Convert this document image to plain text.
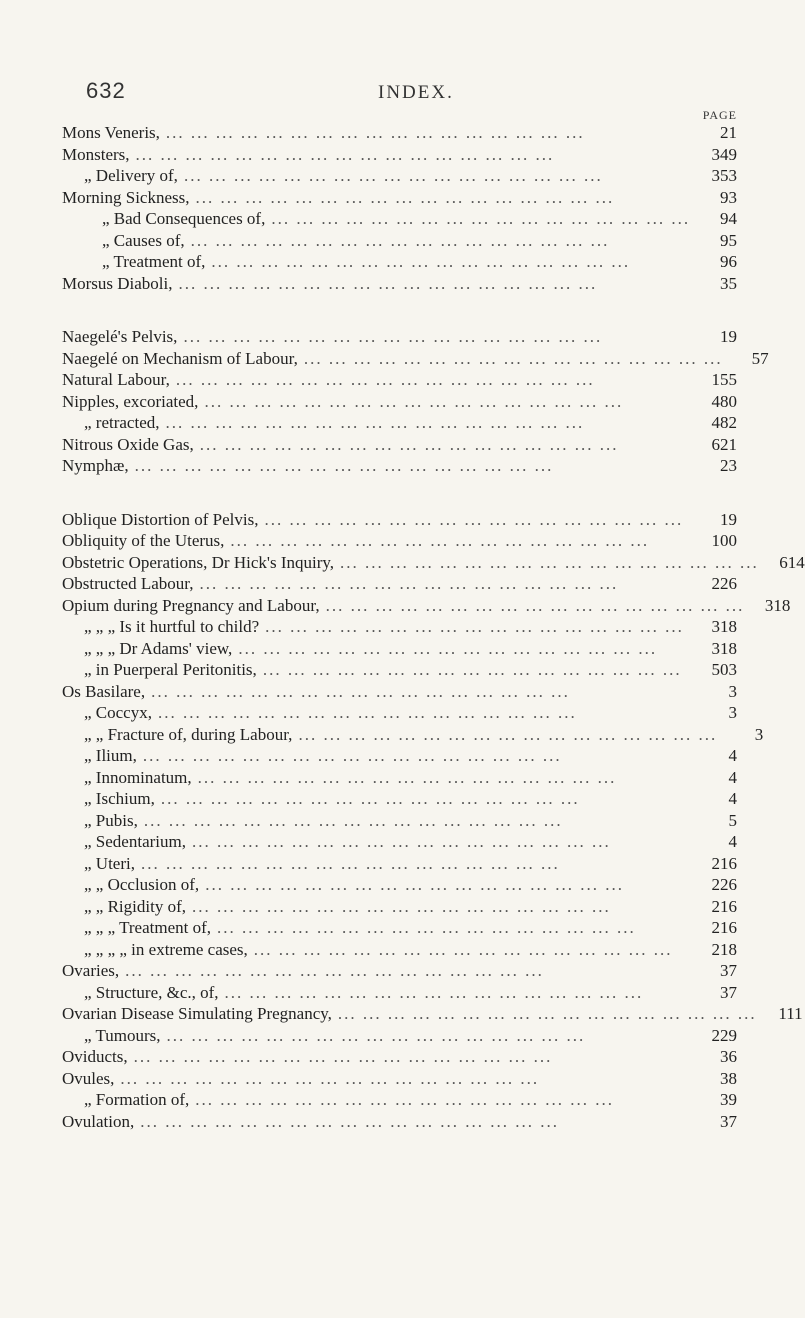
632	INDEX.
PAGE
Mons Veneris, ... ... ... ... ... ... ... ... ... ... ... ... ... ... ... ... ...	21
Monsters, ... ... ... ... ... ... ... ... ... ... ... ... ... ... ... ... ...	349
„ Delivery of, ... ... ... ... ... ... ... ... ... ... ... ... ... ... ... ... ...	353
Morning Sickness, ... ... ... ... ... ... ... ... ... ... ... ... ... ... ... ... ...	93
„ Bad Consequences of, ... ... ... ... ... ... ... ... ... ... ... ... ... ... ... ... ...	94
„ Causes of, ... ... ... ... ... ... ... ... ... ... ... ... ... ... ... ... ...	95
„ Treatment of, ... ... ... ... ... ... ... ... ... ... ... ... ... ... ... ... ...	96
Morsus Diaboli, ... ... ... ... ... ... ... ... ... ... ... ... ... ... ... ... ...	35
Naegelé's Pelvis, ... ... ... ... ... ... ... ... ... ... ... ... ... ... ... ... ...	19
Naegelé on Mechanism of Labour, ... ... ... ... ... ... ... ... ... ... ... ... ... ... ... ... ...	57
Natural Labour, ... ... ... ... ... ... ... ... ... ... ... ... ... ... ... ... ...	155
Nipples, excoriated, ... ... ... ... ... ... ... ... ... ... ... ... ... ... ... ... ...	480
„ retracted, ... ... ... ... ... ... ... ... ... ... ... ... ... ... ... ... ...	482
Nitrous Oxide Gas, ... ... ... ... ... ... ... ... ... ... ... ... ... ... ... ... ...	621
Nymphæ, ... ... ... ... ... ... ... ... ... ... ... ... ... ... ... ... ...	23
Oblique Distortion of Pelvis, ... ... ... ... ... ... ... ... ... ... ... ... ... ... ... ... ...	19
Obliquity of the Uterus, ... ... ... ... ... ... ... ... ... ... ... ... ... ... ... ... ...	100
Obstetric Operations, Dr Hick's Inquiry, ... ... ... ... ... ... ... ... ... ... ... ... ... ... ... ... ...	614
Obstructed Labour, ... ... ... ... ... ... ... ... ... ... ... ... ... ... ... ... ...	226
Opium during Pregnancy and Labour, ... ... ... ... ... ... ... ... ... ... ... ... ... ... ... ... ...	318
„ „ „ Is it hurtful to child? ... ... ... ... ... ... ... ... ... ... ... ... ... ... ... ... ...	318
„ „ „ Dr Adams' view, ... ... ... ... ... ... ... ... ... ... ... ... ... ... ... ... ...	318
„ in Puerperal Peritonitis, ... ... ... ... ... ... ... ... ... ... ... ... ... ... ... ... ...	503
Os Basilare, ... ... ... ... ... ... ... ... ... ... ... ... ... ... ... ... ...	3
„ Coccyx, ... ... ... ... ... ... ... ... ... ... ... ... ... ... ... ... ...	3
„ „ Fracture of, during Labour, ... ... ... ... ... ... ... ... ... ... ... ... ... ... ... ... ...	3
„ Ilium, ... ... ... ... ... ... ... ... ... ... ... ... ... ... ... ... ...	4
„ Innominatum, ... ... ... ... ... ... ... ... ... ... ... ... ... ... ... ... ...	4
„ Ischium, ... ... ... ... ... ... ... ... ... ... ... ... ... ... ... ... ...	4
„ Pubis, ... ... ... ... ... ... ... ... ... ... ... ... ... ... ... ... ...	5
„ Sedentarium, ... ... ... ... ... ... ... ... ... ... ... ... ... ... ... ... ...	4
„ Uteri, ... ... ... ... ... ... ... ... ... ... ... ... ... ... ... ... ...	216
„ „ Occlusion of, ... ... ... ... ... ... ... ... ... ... ... ... ... ... ... ... ...	226
„ „ Rigidity of, ... ... ... ... ... ... ... ... ... ... ... ... ... ... ... ... ...	216
„ „ „ Treatment of, ... ... ... ... ... ... ... ... ... ... ... ... ... ... ... ... ...	216
„ „ „ „ in extreme cases, ... ... ... ... ... ... ... ... ... ... ... ... ... ... ... ... ...	218
Ovaries, ... ... ... ... ... ... ... ... ... ... ... ... ... ... ... ... ...	37
„ Structure, &c., of, ... ... ... ... ... ... ... ... ... ... ... ... ... ... ... ... ...	37
Ovarian Disease Simulating Pregnancy, ... ... ... ... ... ... ... ... ... ... ... ... ... ... ... ... ...	111
„ Tumours, ... ... ... ... ... ... ... ... ... ... ... ... ... ... ... ... ...	229
Oviducts, ... ... ... ... ... ... ... ... ... ... ... ... ... ... ... ... ...	36
Ovules, ... ... ... ... ... ... ... ... ... ... ... ... ... ... ... ... ...	38
„ Formation of, ... ... ... ... ... ... ... ... ... ... ... ... ... ... ... ... ...	39
Ovulation, ... ... ... ... ... ... ... ... ... ... ... ... ... ... ... ... ...	37
